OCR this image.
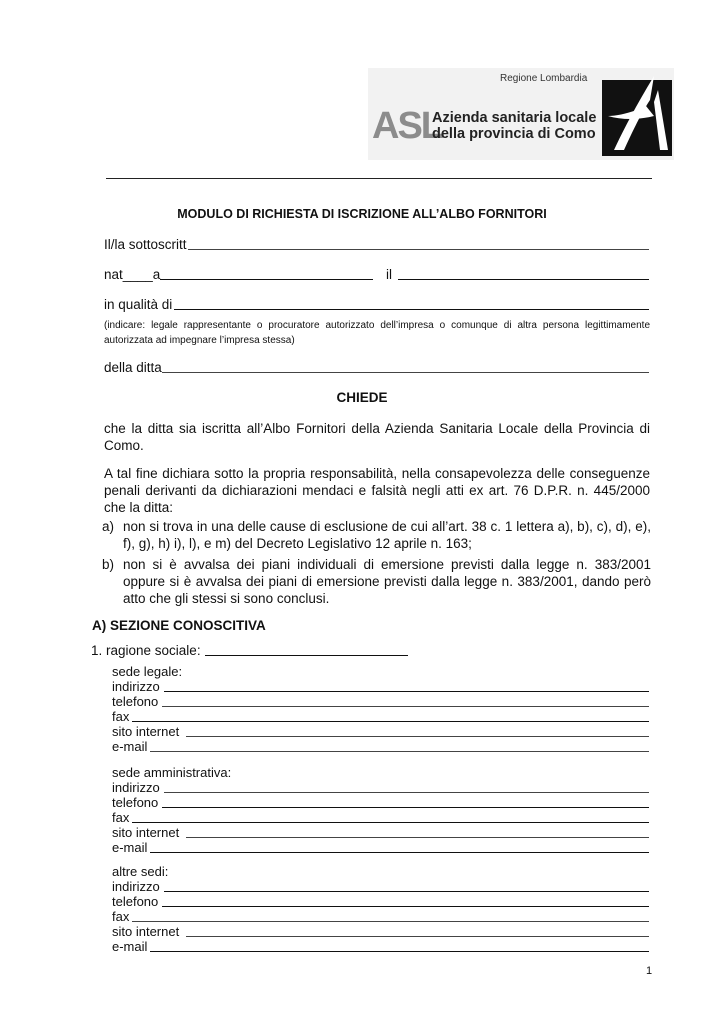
Regione Lombardia
ASL
Azienda sanitaria locale
della provincia di Como
MODULO DI RICHIESTA DI ISCRIZIONE ALL’ALBO FORNITORI
Il/la sottoscritt
nat____a	il
in qualità di
(indicare: legale rappresentante o procuratore autorizzato dell’impresa o comunque di altra persona legittimamente autorizzata ad impegnare l’impresa stessa)
della ditta
CHIEDE
che la ditta sia iscritta all’Albo Fornitori della Azienda Sanitaria Locale della Provincia di Como.
A tal fine dichiara sotto la propria responsabilità, nella consapevolezza delle conseguenze penali derivanti da dichiarazioni mendaci e falsità negli atti ex art. 76 D.P.R. n. 445/2000 che la ditta:
a) non si trova in una delle cause di esclusione de cui all’art. 38 c. 1 lettera a), b), c), d), e), f), g), h) i), l), e m) del Decreto Legislativo 12 aprile n. 163;
b) non si è avvalsa dei piani individuali di emersione previsti dalla legge n. 383/2001 oppure si è avvalsa dei piani di emersione previsti dalla legge n. 383/2001, dando però atto che gli stessi si sono conclusi.
A) SEZIONE CONOSCITIVA
1. ragione sociale:
sede legale:
indirizzo
telefono
fax
sito internet
e-mail
sede amministrativa:
indirizzo
telefono
fax
sito internet
e-mail
altre sedi:
indirizzo
telefono
fax
sito internet
e-mail
1
